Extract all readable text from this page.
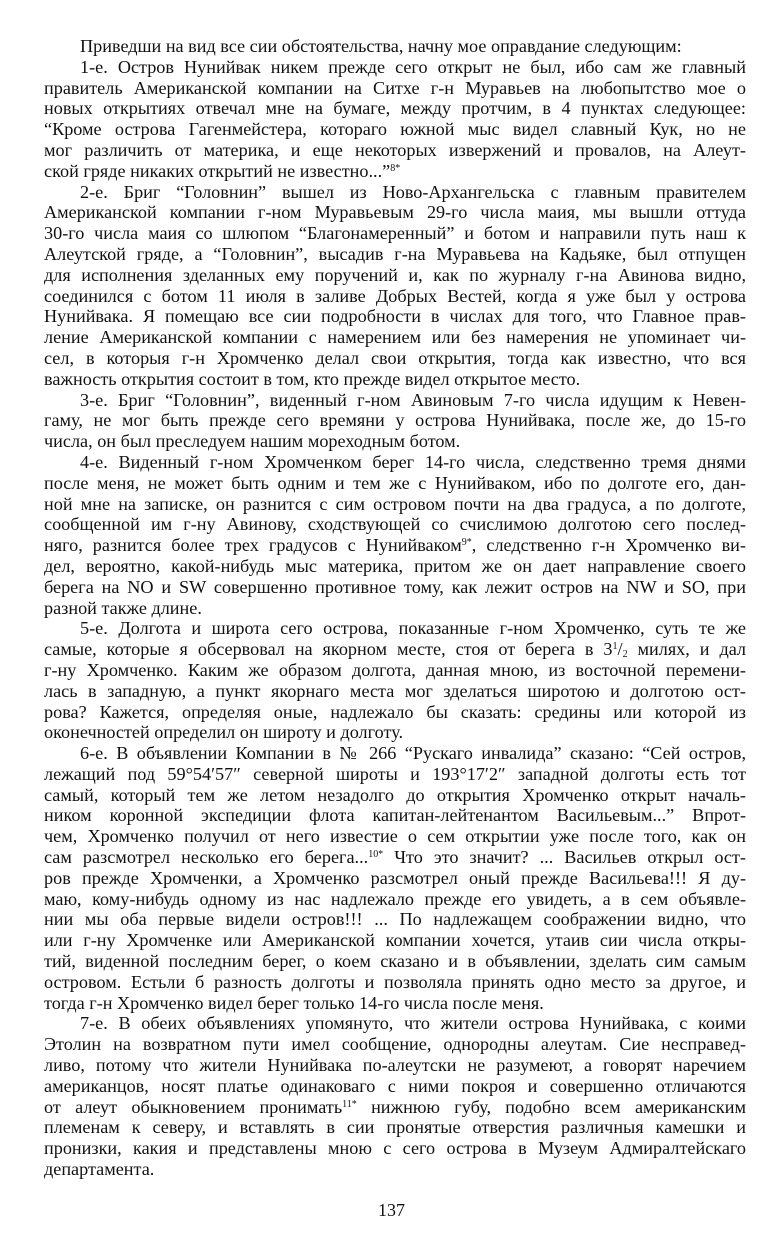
Приведши на вид все сии обстоятельства, начну мое оправдание следующим:

1-е. Остров Нунийвак никем прежде сего открыт не был, ибо сам же главный
правитель Американской компании на Ситхе г-н Муравьев на любопытство мое о
новых открытиях отвечал мне на бумаге, между протчим, в 4 пунктах следующее:
“Кроме острова Гагенмейстера, котораго южной мыс видел славный Кук, но не
мог различить от материка, и еще некоторых извержений и провалов, на Алеут-
ской гряде никаких открытий не известно...”$^{8*}$

2-е. Бриг “Головнин” вышел из Ново-Архангельска с главным правителем
Американской компании г-ном Муравьевым 29-го числа маия, мы вышли оттуда
30-го числа маия со шлюпом “Благонамеренный” и ботом и направили путь наш к
Алеутской гряде, а “Головнин”, высадив г-на Муравьева на Кадьяке, был отпущен
для исполнения зделанных ему поручений и, как по журналу г-на Авинова видно,
соединился с ботом 11 июля в заливе Добрых Вестей, когда я уже был у острова
Нунийвака. Я помещаю все сии подробности в числах для того, что Главное прав-
ление Американской компании с намерением или без намерения не упоминает чи-
сел, в которыя г-н Хромченко делал свои открытия, тогда как известно, что вся
важность открытия состоит в том, кто прежде видел открытое место.

3-е. Бриг “Головнин”, виденный г-ном Авиновым 7-го числа идущим к Невен-
гаму, не мог быть прежде сего времяни у острова Нунийвака, после же, до 15-го
числа, он был преследуем нашим мореходным ботом.

4-е. Виденный г-ном Хромченком берег 14-го числа, следственно тремя днями
после меня, не может быть одним и тем же с Нунийваком, ибо по долготе его, дан-
ной мне на записке, он разнится с сим островом почти на два градуса, а по долготе,
сообщенной им г-ну Авинову, сходствующей со счислимою долготою сего послед-
няго, разнится более трех градусов с Нунийваком$^{9*}$, следственно г-н Хромченко ви-
дел, вероятно, какой-нибудь мыс материка, притом же он дает направление своего
берега на NO и SW совершенно противное тому, как лежит остров на NW и SO, при
разной также длине.

5-е. Долгота и широта сего острова, показанные г-ном Хромченко, суть те же
самые, которые я обсервовал на якорном месте, стоя от берега в $3^1/_2$ милях, и дал
г-ну Хромченко. Каким же образом долгота, данная мною, из восточной перемени-
лась в западную, а пункт якорнаго места мог зделаться широтою и долготою ост-
рова? Кажется, определяя оные, надлежало бы сказать: средины или которой из
оконечностей определил он широту и долготу.

6-е. В объявлении Компании в № 266 “Рускаго инвалида” сказано: “Сей остров,
лежащий под 59°54′57″ северной широты и 193°17′2″ западной долготы есть тот
самый, который тем же летом незадолго до открытия Хромченко открыт началь-
ником коронной экспедиции флота капитан-лейтенантом Васильевым...” Впрот-
чем, Хромченко получил от него известие о сем открытии уже после того, как он
сам разсмотрел несколько его берега...$^{10*}$ Что это значит? ... Васильев открыл ост-
ров прежде Хромченки, а Хромченко разсмотрел оный прежде Васильева!!! Я ду-
маю, кому-нибудь одному из нас надлежало прежде его увидеть, а в сем объявле-
нии мы оба первые видели остров!!! ... По надлежащем соображении видно, что
или г-ну Хромченке или Американской компании хочется, утаив сии числа откры-
тий, виденной последним берег, о коем сказано и в объявлении, зделать сим самым
островом. Естьли б разность долготы и позволяла принять одно место за другое, и
тогда г-н Хромченко видел берег только 14-го числа после меня.

7-е. В обеих объявлениях упомянуто, что жители острова Нунийвака, с коими
Этолин на возвратном пути имел сообщение, однородны алеутам. Сие несправед-
ливо, потому что жители Нунийвака по-алеутски не разумеют, а говорят наречием
американцов, носят платье одинаковаго с ними покроя и совершенно отличаются
от алеут обыкновением пронимать$^{11*}$ нижнюю губу, подобно всем американским
племенам к северу, и вставлять в сии пронятые отверстия различныя камешки и
пронизки, какия и представлены мною с сего острова в Музеум Адмиралтейскаго
департамента.

137
